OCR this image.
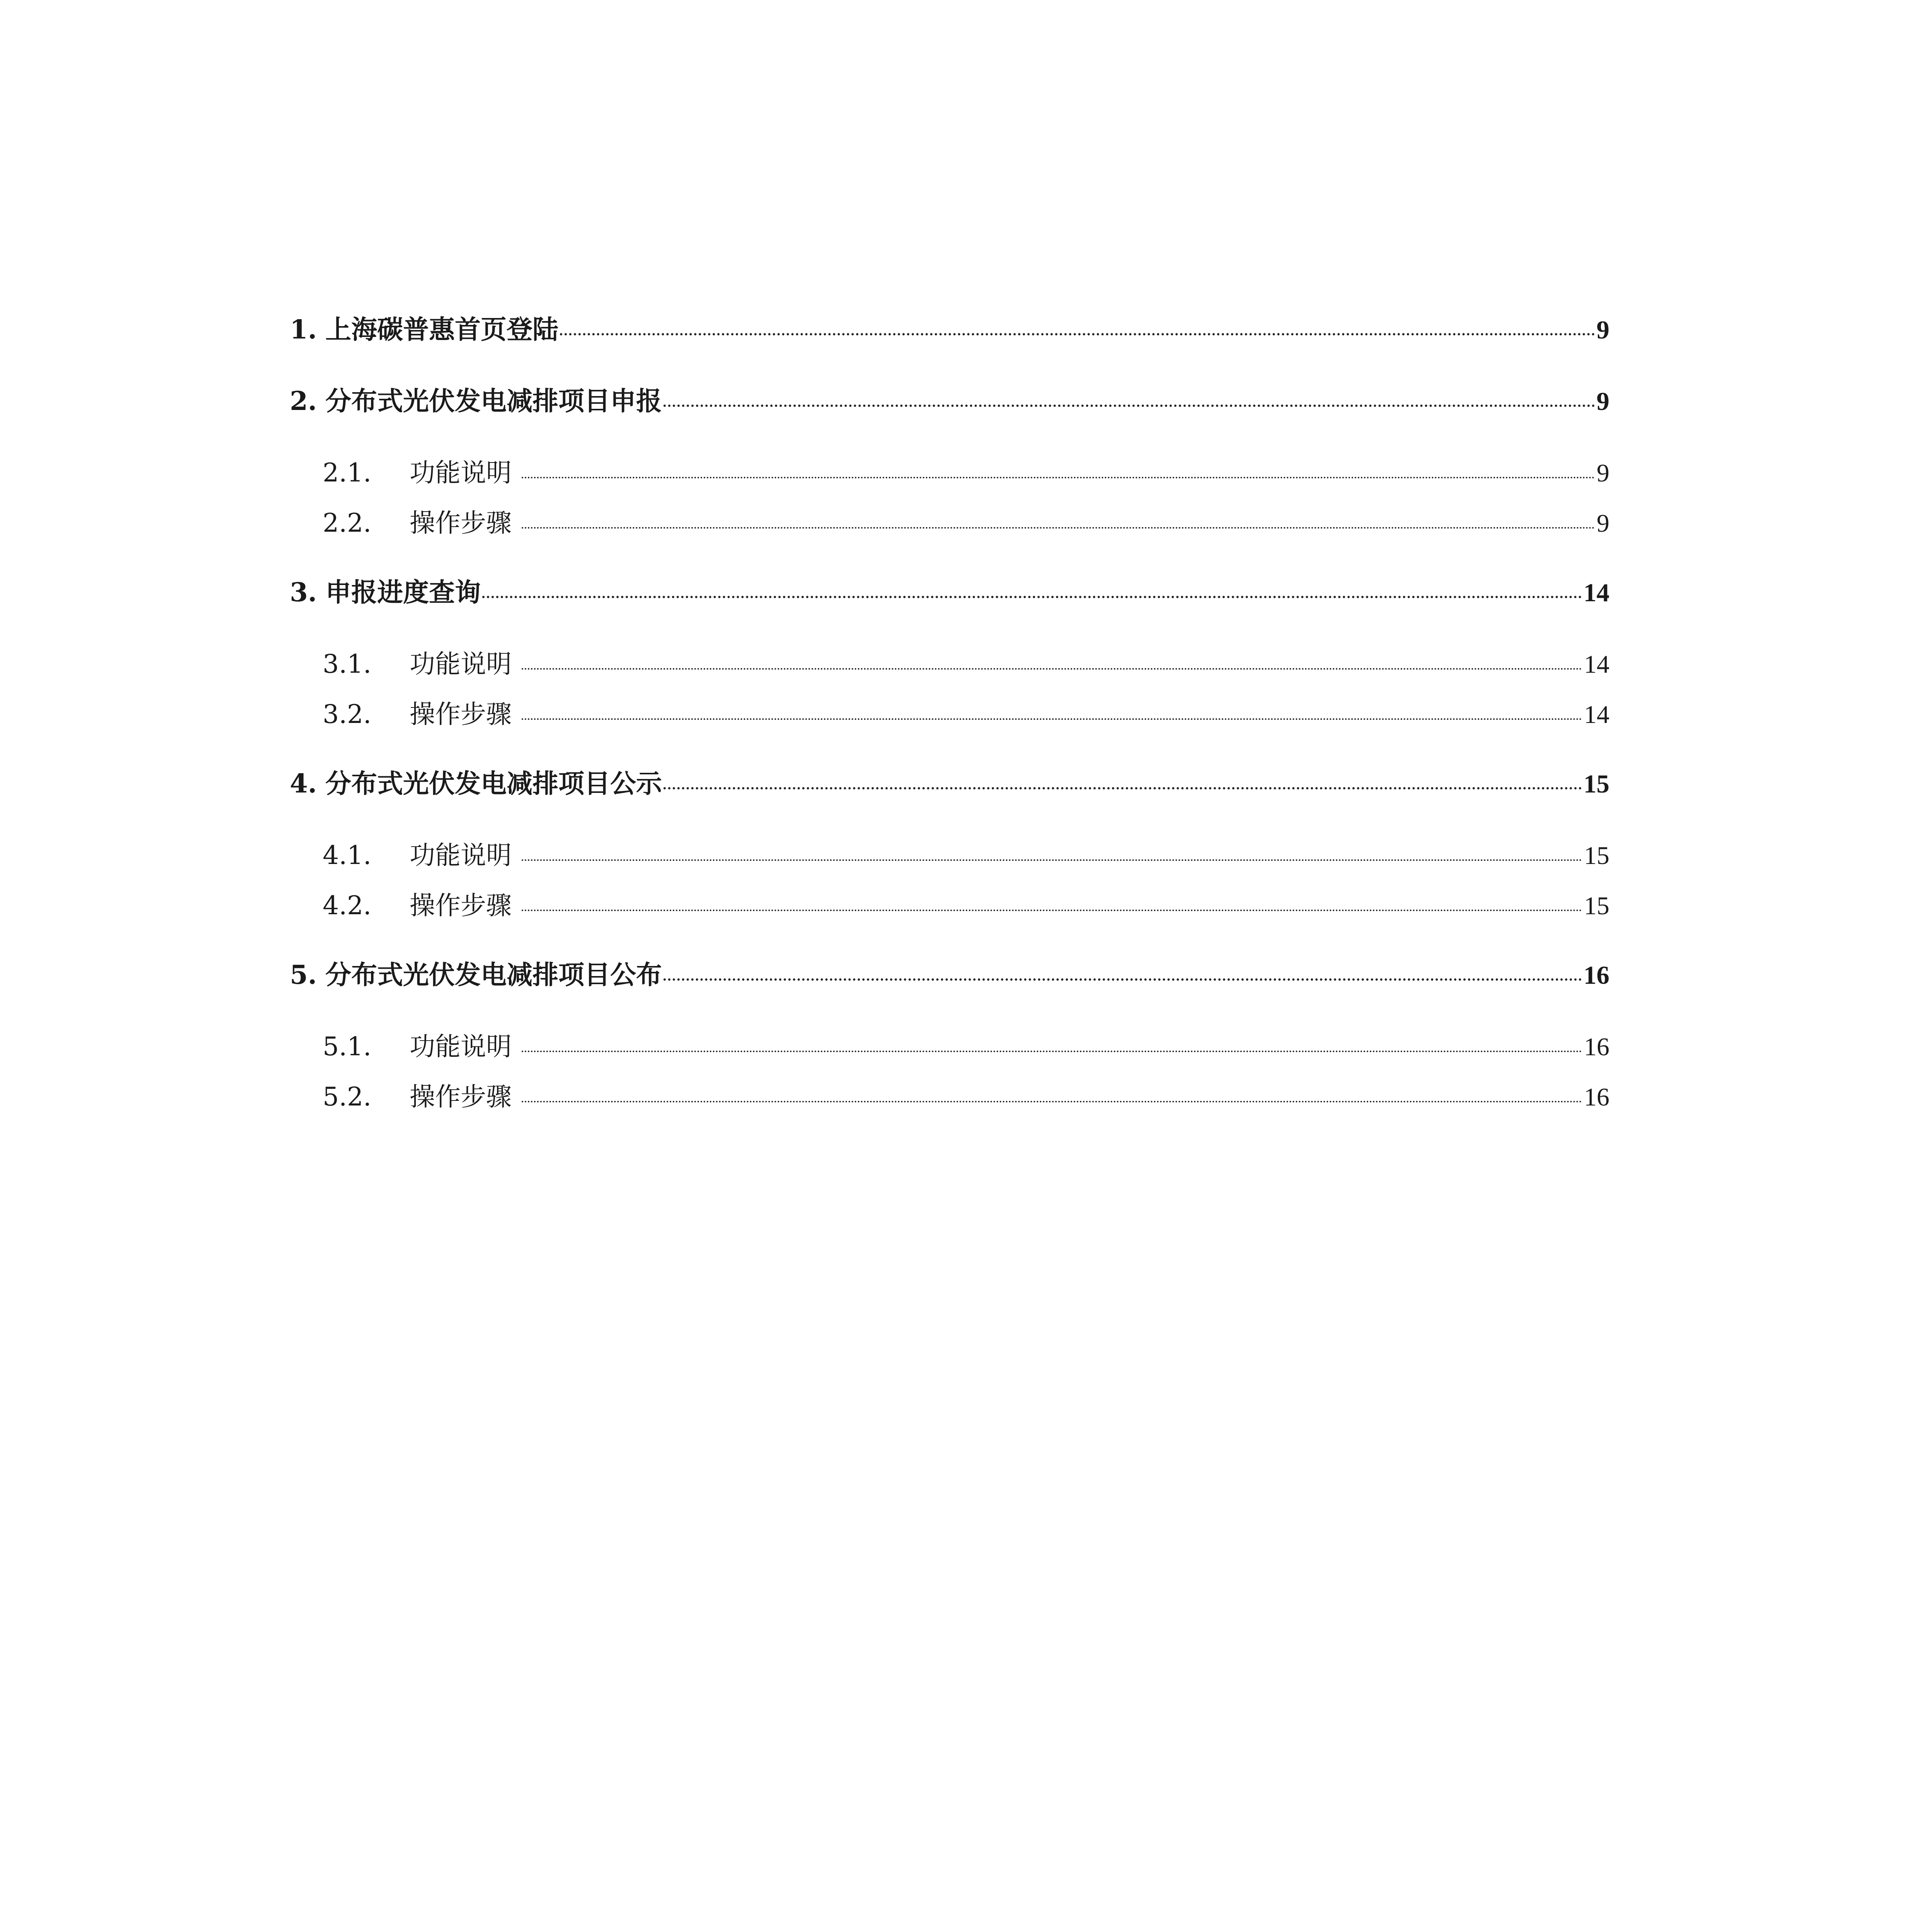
1. 上海碳普惠首页登陆	9
2. 分布式光伏发电减排项目申报	9
2.1.	功能说明	9
2.2.	操作步骤	9
3. 申报进度查询	14
3.1.	功能说明	14
3.2.	操作步骤	14
4. 分布式光伏发电减排项目公示	15
4.1.	功能说明	15
4.2.	操作步骤	15
5. 分布式光伏发电减排项目公布	16
5.1.	功能说明	16
5.2.	操作步骤	16
